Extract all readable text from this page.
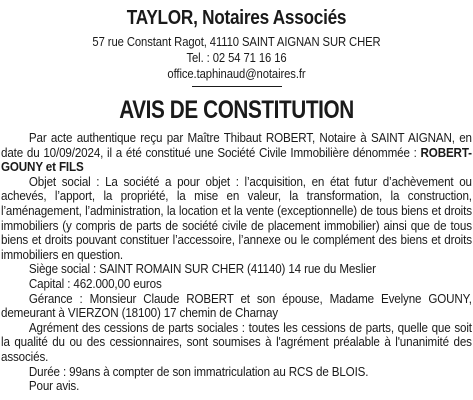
TAYLOR, Notaires Associés
57 rue Constant Ragot, 41110 SAINT AIGNAN SUR CHER
Tel. : 02 54 71 16 16
office.taphinaud@notaires.fr
AVIS DE CONSTITUTION

Par acte authentique reçu par Maître Thibaut ROBERT, Notaire à SAINT AIGNAN, en date du 10/09/2024, il a été constitué une Société Civile Immobilière dénommée : ROBERT-GOUNY et FILS

Objet social : La société a pour objet : l’acquisition, en état futur d’achèvement ou achevés, l’apport, la propriété, la mise en valeur, la transformation, la construction, l’aménagement, l’administration, la location et la vente (exceptionnelle) de tous biens et droits immobiliers (y compris de parts de société civile de placement immobilier) ainsi que de tous biens et droits pouvant constituer l’accessoire, l’annexe ou le complément des biens et droits immobiliers en question.

Siège social : SAINT ROMAIN SUR CHER (41140) 14 rue du Meslier

Capital : 462.000,00 euros

Gérance : Monsieur Claude ROBERT et son épouse, Madame Evelyne GOUNY, demeurant à VIERZON (18100) 17 chemin de Charnay

Agrément des cessions de parts sociales : toutes les cessions de parts, quelle que soit la qualité du ou des cessionnaires, sont soumises à l'agrément préalable à l'unanimité des associés.

Durée : 99ans à compter de son immatriculation au RCS de BLOIS.

Pour avis.
